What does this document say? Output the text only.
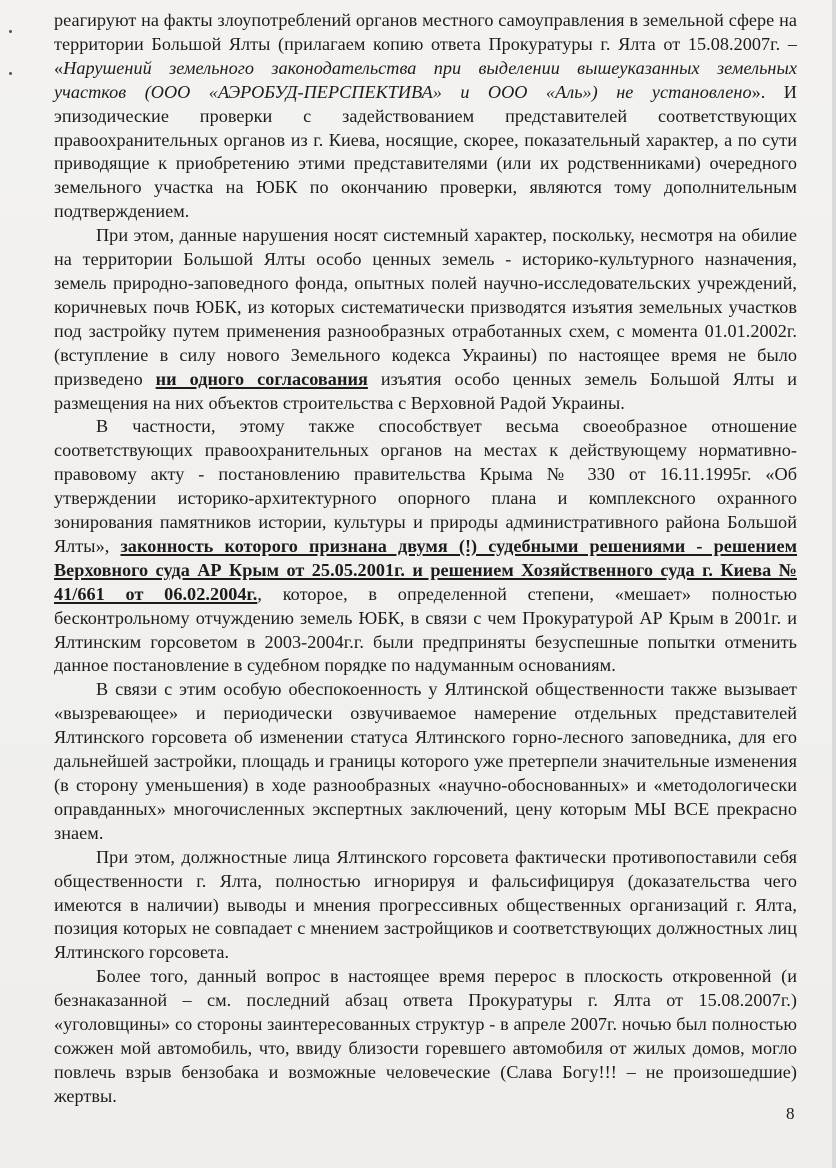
реагируют на факты злоупотреблений органов местного самоуправления в земельной сфере на территории Большой Ялты (прилагаем копию ответа Прокуратуры г. Ялта от 15.08.2007г. – «Нарушений земельного законодательства при выделении вышеуказанных земельных участков (ООО «АЭРОБУД-ПЕРСПЕКТИВА» и ООО «Аль») не установлено». И эпизодические проверки с задействованием представителей соответствующих правоохранительных органов из г. Киева, носящие, скорее, показательный характер, а по сути приводящие к приобретению этими представителями (или их родственниками) очередного земельного участка на ЮБК по окончанию проверки, являются тому дополнительным подтверждением.

При этом, данные нарушения носят системный характер, поскольку, несмотря на обилие на территории Большой Ялты особо ценных земель - историко-культурного назначения, земель природно-заповедного фонда, опытных полей научно-исследовательских учреждений, коричневых почв ЮБК, из которых систематически призводятся изъятия земельных участков под застройку путем применения разнообразных отработанных схем, с момента 01.01.2002г. (вступление в силу нового Земельного кодекса Украины) по настоящее время не было призведено ни одного согласования изъятия особо ценных земель Большой Ялты и размещения на них объектов строительства с Верховной Радой Украины.

В частности, этому также способствует весьма своеобразное отношение соответствующих правоохранительных органов на местах к действующему нормативно-правовому акту - постановлению правительства Крыма № 330 от 16.11.1995г. «Об утверждении историко-архитектурного опорного плана и комплексного охранного зонирования памятников истории, культуры и природы административного района Большой Ялты», законность которого признана двумя (!) судебными решениями - решением Верховного суда АР Крым от 25.05.2001г. и решением Хозяйственного суда г. Киева № 41/661 от 06.02.2004г., которое, в определенной степени, «мешает» полностью бесконтрольному отчуждению земель ЮБК, в связи с чем Прокуратурой АР Крым в 2001г. и Ялтинским горсоветом в 2003-2004г.г. были предприняты безуспешные попытки отменить данное постановление в судебном порядке по надуманным основаниям.

В связи с этим особую обеспокоенность у Ялтинской общественности также вызывает «вызревающее» и периодически озвучиваемое намерение отдельных представителей Ялтинского горсовета об изменении статуса Ялтинского горно-лесного заповедника, для его дальнейшей застройки, площадь и границы которого уже претерпели значительные изменения (в сторону уменьшения) в ходе разнообразных «научно-обоснованных» и «методологически оправданных» многочисленных экспертных заключений, цену которым МЫ ВСЕ прекрасно знаем.

При этом, должностные лица Ялтинского горсовета фактически противопоставили себя общественности г. Ялта, полностью игнорируя и фальсифицируя (доказательства чего имеются в наличии) выводы и мнения прогрессивных общественных организаций г. Ялта, позиция которых не совпадает с мнением застройщиков и соответствующих должностных лиц Ялтинского горсовета.

Более того, данный вопрос в настоящее время перерос в плоскость откровенной (и безнаказанной – см. последний абзац ответа Прокуратуры г. Ялта от 15.08.2007г.) «уголовщины» со стороны заинтересованных структур - в апреле 2007г. ночью был полностью сожжен мой автомобиль, что, ввиду близости горевшего автомобиля от жилых домов, могло повлечь взрыв бензобака и возможные человеческие (Слава Богу!!! – не произошедшие) жертвы.

8
